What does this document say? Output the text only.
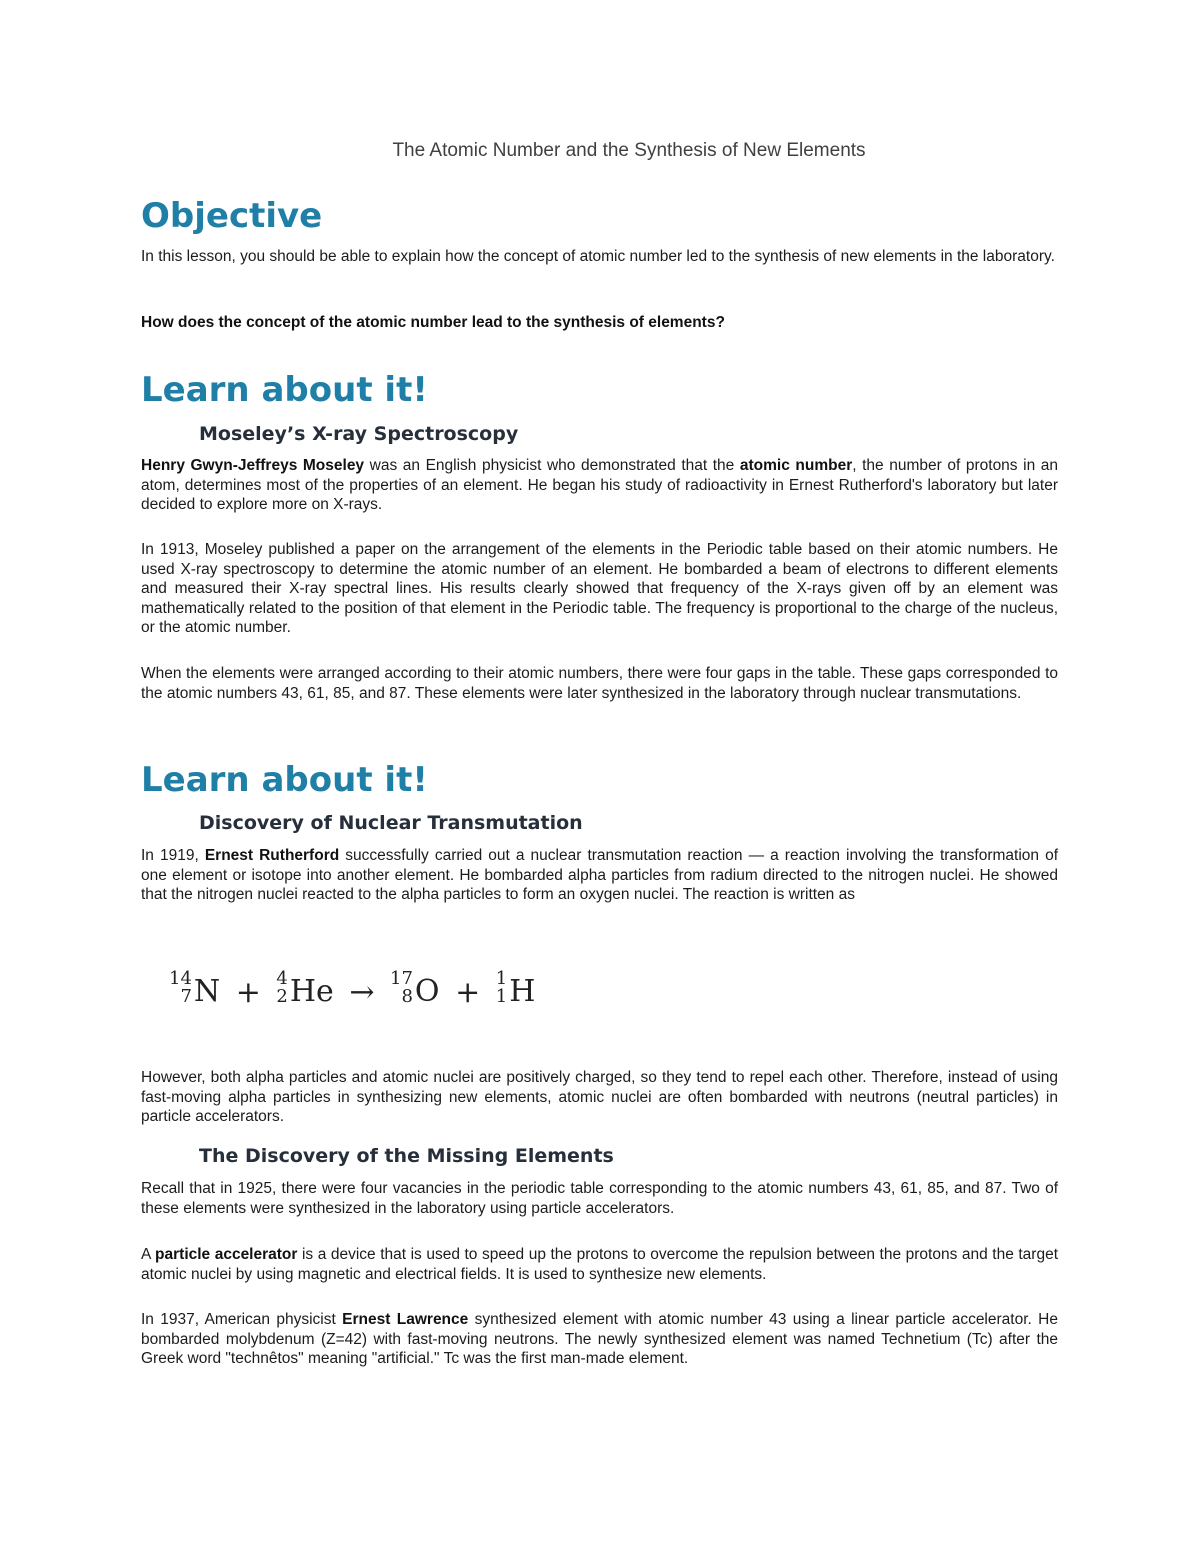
The Atomic Number and the Synthesis of New Elements
Objective

In this lesson, you should be able to explain how the concept of atomic number led to the synthesis of new elements in the laboratory.

How does the concept of the atomic number lead to the synthesis of elements?

Learn about it!
Moseley’s X-ray Spectroscopy

Henry Gwyn-Jeffreys Moseley was an English physicist who demonstrated that the atomic number, the number of protons in an atom, determines most of the properties of an element. He began his study of radioactivity in Ernest Rutherford's laboratory but later decided to explore more on X-rays.

In 1913, Moseley published a paper on the arrangement of the elements in the Periodic table based on their atomic numbers. He used X-ray spectroscopy to determine the atomic number of an element. He bombarded a beam of electrons to different elements and measured their X-ray spectral lines. His results clearly showed that frequency of the X-rays given off by an element was mathematically related to the position of that element in the Periodic table. The frequency is proportional to the charge of the nucleus, or the atomic number.

When the elements were arranged according to their atomic numbers, there were four gaps in the table. These gaps corresponded to the atomic numbers 43, 61, 85, and 87. These elements were later synthesized in the laboratory through nuclear transmutations.

Learn about it!
Discovery of Nuclear Transmutation

In 1919, Ernest Rutherford successfully carried out a nuclear transmutation reaction — a reaction involving the transformation of one element or isotope into another element. He bombarded alpha particles from radium directed to the nitrogen nuclei. He showed that the nitrogen nuclei reacted to the alpha particles to form an oxygen nuclei. The reaction is written as

14
7 N + 4
2 He → 17
8 O + 1
1 H

However, both alpha particles and atomic nuclei are positively charged, so they tend to repel each other. Therefore, instead of using fast-moving alpha particles in synthesizing new elements, atomic nuclei are often bombarded with neutrons (neutral particles) in particle accelerators.

The Discovery of the Missing Elements

Recall that in 1925, there were four vacancies in the periodic table corresponding to the atomic numbers 43, 61, 85, and 87. Two of these elements were synthesized in the laboratory using particle accelerators.

A particle accelerator is a device that is used to speed up the protons to overcome the repulsion between the protons and the target atomic nuclei by using magnetic and electrical fields. It is used to synthesize new elements.

In 1937, American physicist Ernest Lawrence synthesized element with atomic number 43 using a linear particle accelerator. He bombarded molybdenum (Z=42) with fast-moving neutrons. The newly synthesized element was named Technetium (Tc) after the Greek word "technêtos" meaning "artificial." Tc was the first man-made element.
